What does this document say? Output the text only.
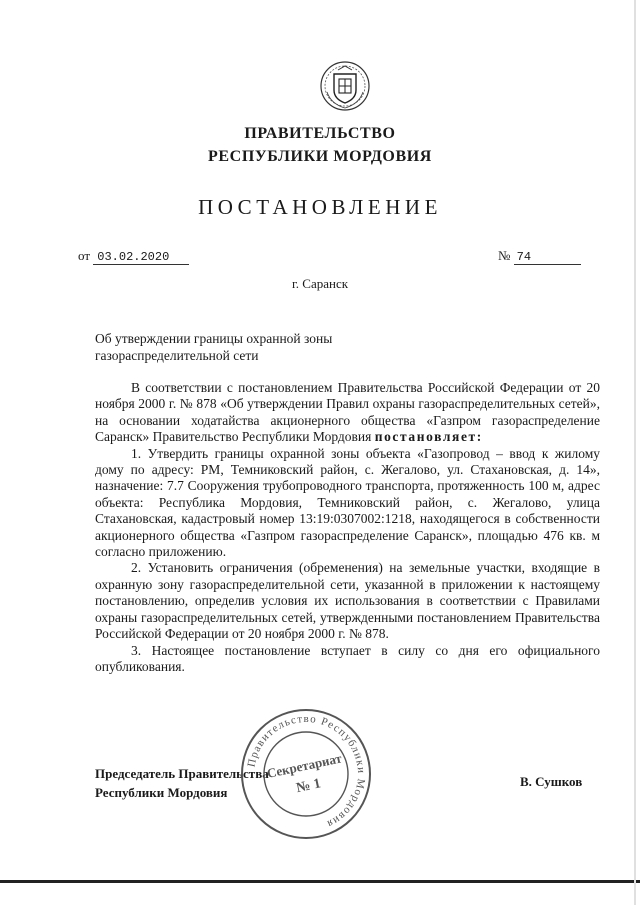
ПРАВИТЕЛЬСТВО
РЕСПУБЛИКИ МОРДОВИЯ
ПОСТАНОВЛЕНИЕ
от 03.02.2020	№ 74
г. Саранск
Об утверждении границы охранной зоны газораспределительной сети

В соответствии с постановлением Правительства Российской Федерации от 20 ноября 2000 г. № 878 «Об утверждении Правил охраны газораспределительных сетей», на основании ходатайства акционерного общества «Газпром газораспределение Саранск» Правительство Республики Мордовия постановляет:

1. Утвердить границы охранной зоны объекта «Газопровод – ввод к жилому дому по адресу: РМ, Темниковский район, с. Жегалово, ул. Стахановская, д. 14», назначение: 7.7 Сооружения трубопроводного транспорта, протяженность 100 м, адрес объекта: Республика Мордовия, Темниковский район, с. Жегалово, улица Стахановская, кадастровый номер 13:19:0307002:1218, находящегося в собственности акционерного общества «Газпром газораспределение Саранск», площадью 476 кв. м согласно приложению.

2. Установить ограничения (обременения) на земельные участки, входящие в охранную зону газораспределительной сети, указанной в приложении к настоящему постановлению, определив условия их использования в соответствии с Правилами охраны газораспределительных сетей, утвержденными постановлением Правительства Российской Федерации от 20 ноября 2000 г. № 878.

3. Настоящее постановление вступает в силу со дня его официального опубликования.

Председатель Правительства
Республики Мордовия
В. Сушков
Правительство Республики Мордовия
Секретариат
№ 1
